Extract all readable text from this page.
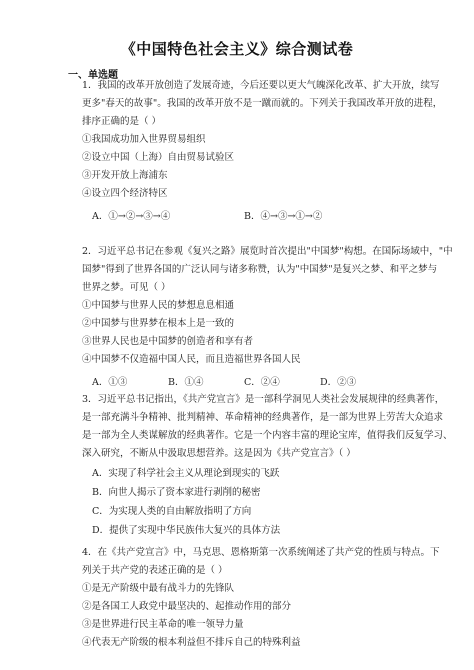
《中国特色社会主义》综合测试卷
一、单选题
1．我国的改革开放创造了发展奇迹，今后还要以更大气魄深化改革、扩大开放，续写
更多"春天的故事"。我国的改革开放不是一蹴而就的。下列关于我国改革开放的进程，
排序正确的是（ ）
①我国成功加入世界贸易组织
②设立中国（上海）自由贸易试验区
③开发开放上海浦东
④设立四个经济特区
A．①→②→③→④	B．④→③→①→②
2．习近平总书记在参观《复兴之路》展览时首次提出"中国梦"构想。在国际场域中，"中
国梦"得到了世界各国的广泛认同与诸多称赞，认为"中国梦"是复兴之梦、和平之梦与
世界之梦。可见（ ）
①中国梦与世界人民的梦想息息相通
②中国梦与世界梦在根本上是一致的
③世界人民也是中国梦的创造者和享有者
④中国梦不仅造福中国人民，而且造福世界各国人民
A．①③	B．①④	C．②④	D．②③
3．习近平总书记指出，《共产党宣言》是一部科学洞见人类社会发展规律的经典著作，
是一部充满斗争精神、批判精神、革命精神的经典著作，是一部为世界上劳苦大众追求
是一部为全人类谋解放的经典著作。它是一个内容丰富的理论宝库，值得我们反复学习、
深入研究，不断从中汲取思想营养。这是因为《共产党宣言》（ ）
A．实现了科学社会主义从理论到现实的飞跃
B．向世人揭示了资本家进行剥削的秘密
C．为实现人类的自由解放指明了方向
D．提供了实现中华民族伟大复兴的具体方法
4．在《共产党宣言》中，马克思、恩格斯第一次系统阐述了共产党的性质与特点。下
列关于共产党的表述正确的是（ ）
①是无产阶级中最有战斗力的先锋队
②是各国工人政党中最坚决的、起推动作用的部分
③是世界进行民主革命的唯一领导力量
④代表无产阶级的根本利益但不排斥自己的特殊利益
